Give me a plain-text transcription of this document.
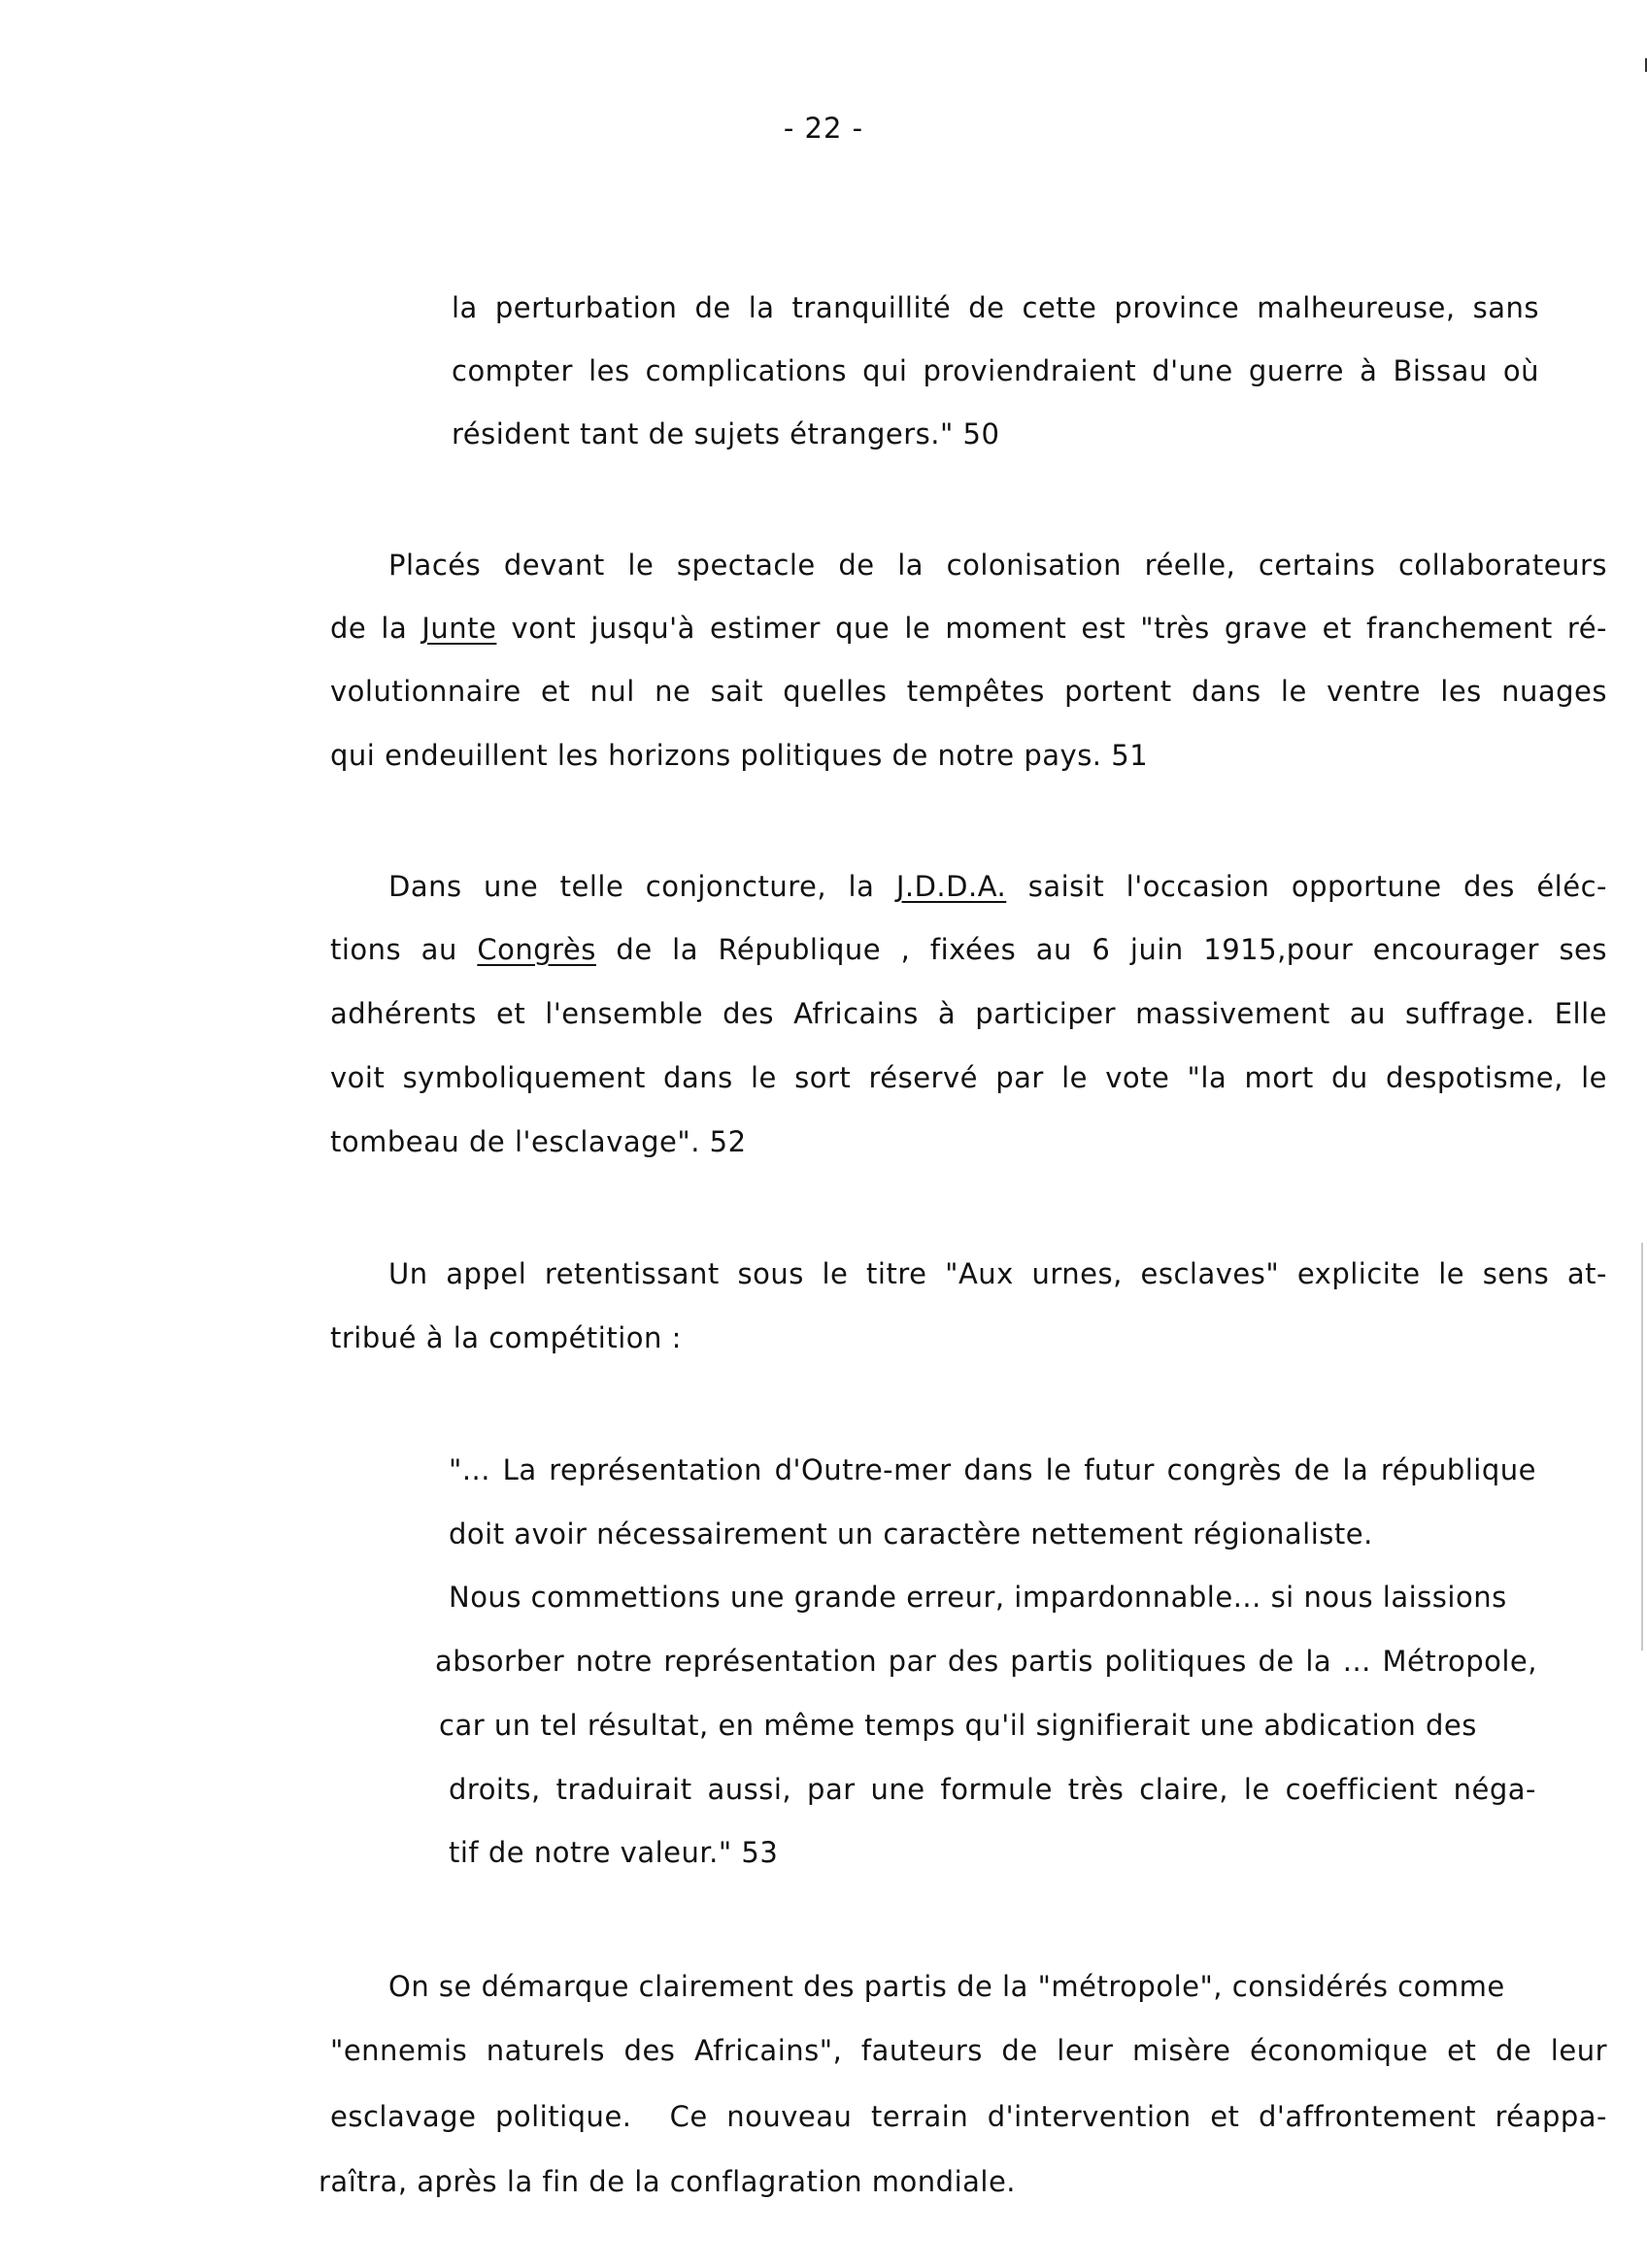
- 22 -
la perturbation de la tranquillité de cette province malheureuse, sans
compter les complications qui proviendraient d'une guerre à Bissau où
résident tant de sujets étrangers." 50
Placés devant le spectacle de la colonisation réelle, certains collaborateurs
de la Junte vont jusqu'à estimer que le moment est "très grave et franchement ré-
volutionnaire et nul ne sait quelles tempêtes portent dans le ventre les nuages
qui endeuillent les horizons politiques de notre pays. 51
Dans une telle conjoncture, la J.D.D.A. saisit l'occasion opportune des éléc-
tions au Congrès de la République , fixées au 6 juin 1915,pour encourager ses
adhérents et l'ensemble des Africains à participer massivement au suffrage. Elle
voit symboliquement dans le sort réservé par le vote "la mort du despotisme, le
tombeau de l'esclavage". 52
Un appel retentissant sous le titre "Aux urnes, esclaves" explicite le sens at-
tribué à la compétition :
"... La représentation d'Outre-mer dans le futur congrès de la république
doit avoir nécessairement un caractère nettement régionaliste.
Nous commettions une grande erreur, impardonnable... si nous laissions
absorber notre représentation par des partis politiques de la ... Métropole,
car un tel résultat, en même temps qu'il signifierait une abdication des
droits, traduirait aussi, par une formule très claire, le coefficient néga-
tif de notre valeur." 53
On se démarque clairement des partis de la "métropole", considérés comme
"ennemis naturels des Africains", fauteurs de leur misère économique et de leur
esclavage politique.  Ce nouveau terrain d'intervention et d'affrontement réappa-
raîtra, après la fin de la conflagration mondiale.
